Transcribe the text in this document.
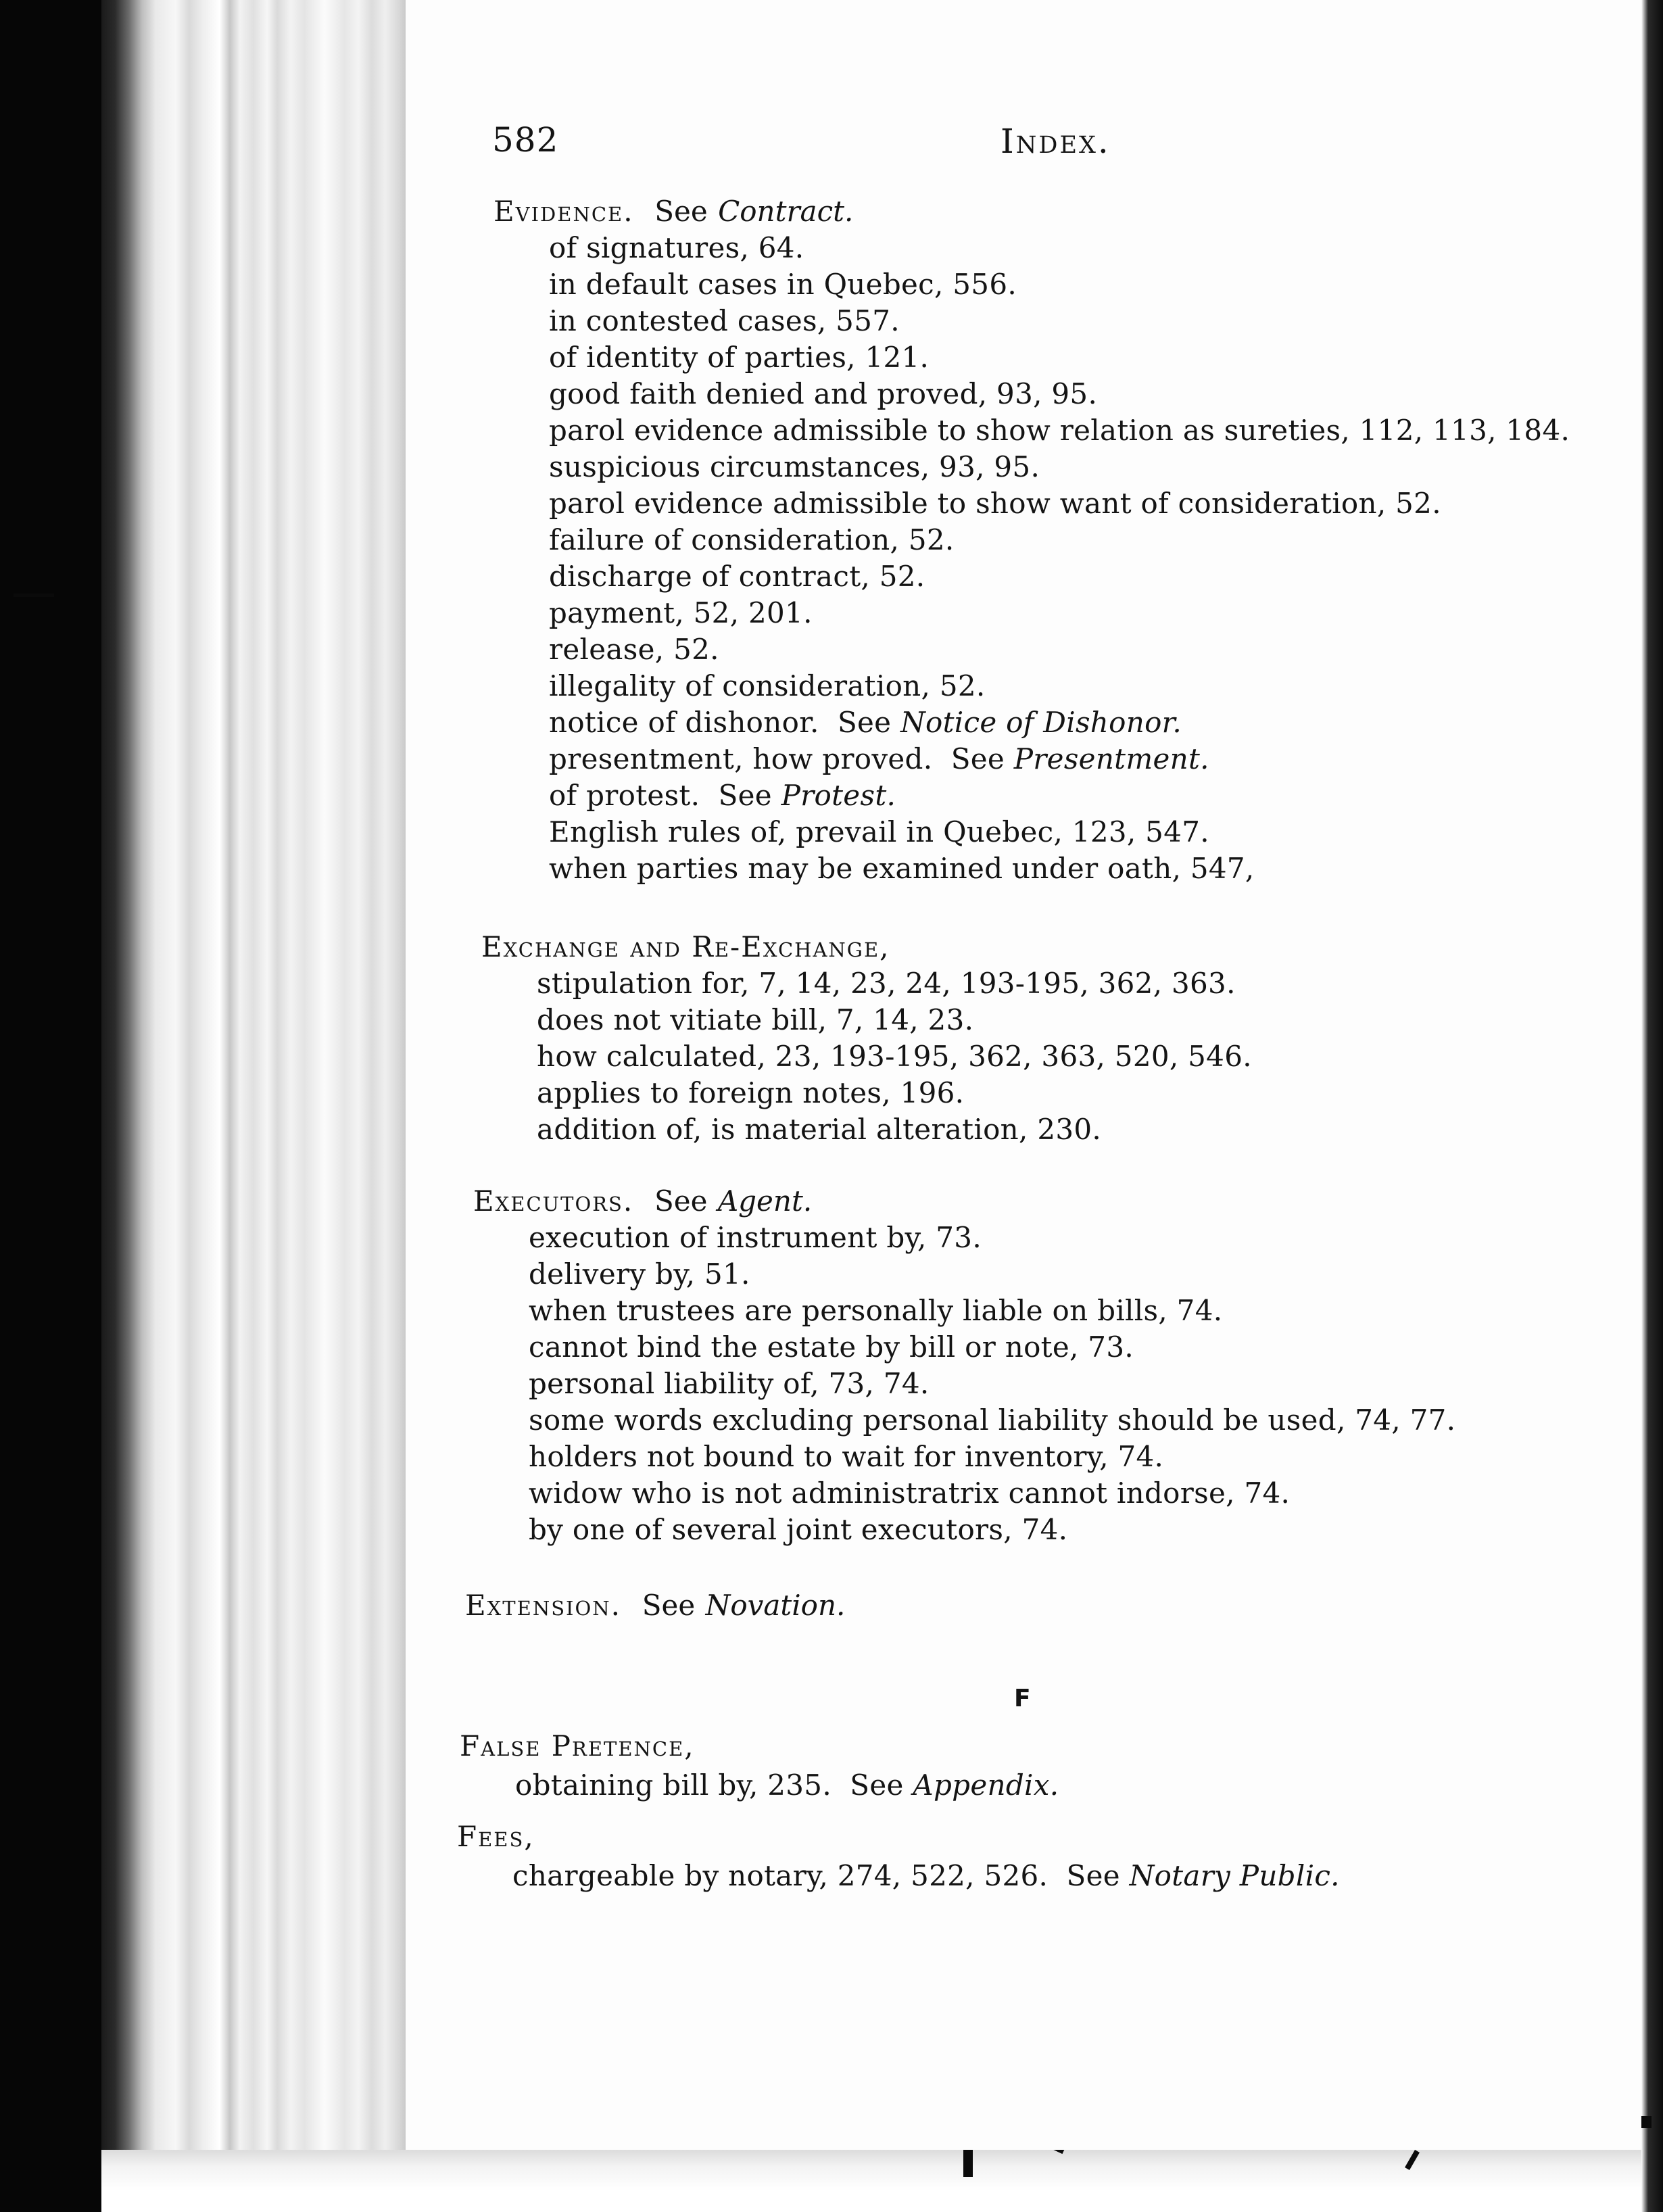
582	Index.
F
Evidence. See Contract.
of signatures, 64.
in default cases in Quebec, 556.
in contested cases, 557.
of identity of parties, 121.
good faith denied and proved, 93, 95.
parol evidence admissible to show relation as sureties, 112, 113, 184.
suspicious circumstances, 93, 95.
parol evidence admissible to show want of consideration, 52.
failure of consideration, 52.
discharge of contract, 52.
payment, 52, 201.
release, 52.
illegality of consideration, 52.
notice of dishonor. See Notice of Dishonor.
presentment, how proved. See Presentment.
of protest. See Protest.
English rules of, prevail in Quebec, 123, 547.
when parties may be examined under oath, 547,
Exchange and Re-Exchange,
stipulation for, 7, 14, 23, 24, 193-195, 362, 363.
does not vitiate bill, 7, 14, 23.
how calculated, 23, 193-195, 362, 363, 520, 546.
applies to foreign notes, 196.
addition of, is material alteration, 230.
Executors. See Agent.
execution of instrument by, 73.
delivery by, 51.
when trustees are personally liable on bills, 74.
cannot bind the estate by bill or note, 73.
personal liability of, 73, 74.
some words excluding personal liability should be used, 74, 77.
holders not bound to wait for inventory, 74.
widow who is not administratrix cannot indorse, 74.
by one of several joint executors, 74.
Extension. See Novation.
False Pretence,
obtaining bill by, 235. See Appendix.
Fees,
chargeable by notary, 274, 522, 526. See Notary Public.
